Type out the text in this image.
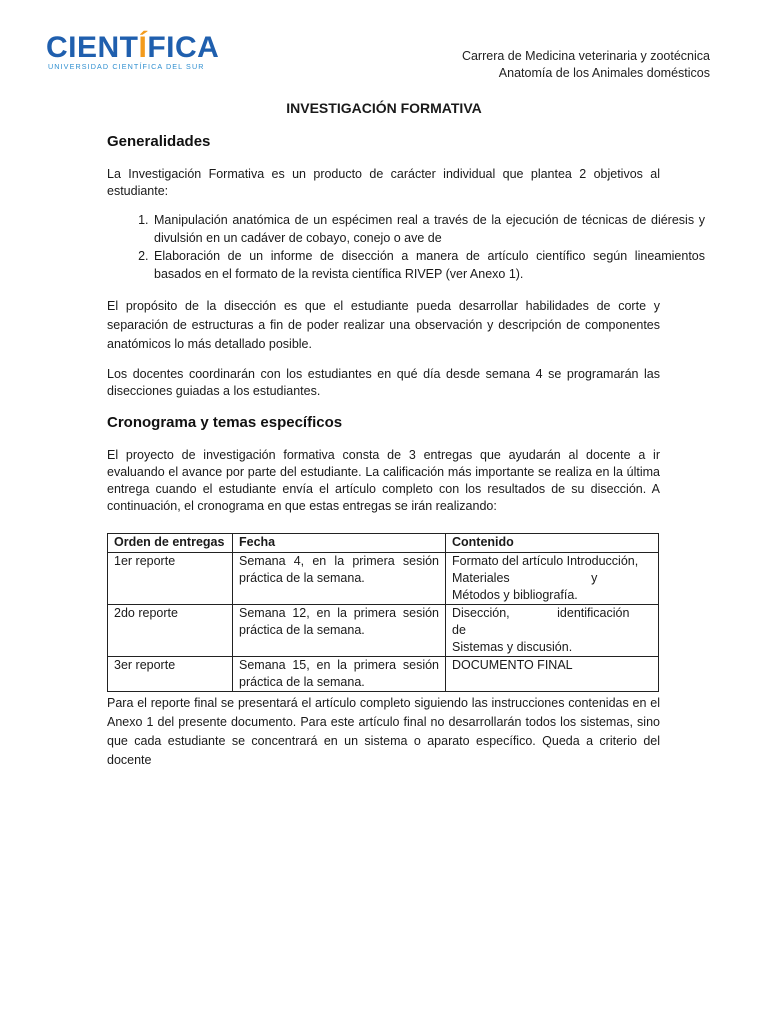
CIENTÍFICA
UNIVERSIDAD CIENTÍFICA DEL SUR
Carrera de Medicina veterinaria y zootécnica
Anatomía de los Animales domésticos
INVESTIGACIÓN FORMATIVA
Generalidades
La Investigación Formativa es un producto de carácter individual que plantea 2 objetivos al estudiante:
1. Manipulación anatómica de un espécimen real a través de la ejecución de técnicas de diéresis y divulsión en un cadáver de cobayo, conejo o ave de
2. Elaboración de un informe de disección a manera de artículo científico según lineamientos basados en el formato de la revista científica RIVEP (ver Anexo 1).
El propósito de la disección es que el estudiante pueda desarrollar habilidades de corte y separación de estructuras a fin de poder realizar una observación y descripción de componentes anatómicos lo más detallado posible.
Los docentes coordinarán con los estudiantes en qué día desde semana 4 se programarán las disecciones guiadas a los estudiantes.
Cronograma y temas específicos
El proyecto de investigación formativa consta de 3 entregas que ayudarán al docente a ir evaluando el avance por parte del estudiante. La calificación más importante se realiza en la última entrega cuando el estudiante envía el artículo completo con los resultados de su disección. A continuación, el cronograma en que estas entregas se irán realizando:
Orden de entregas	Fecha	Contenido
1er reporte	Semana 4, en la primera sesión práctica de la semana.	Formato del artículo Introducción,
Materiales y
Métodos y bibliografía.

2do reporte	Semana 12, en la primera sesión práctica de la semana.	Disección, identificación de
Sistemas y discusión.

3er reporte	Semana 15, en la primera sesión práctica de la semana.	DOCUMENTO FINAL
Para el reporte final se presentará el artículo completo siguiendo las instrucciones contenidas en el Anexo 1 del presente documento. Para este artículo final no desarrollarán todos los sistemas, sino que cada estudiante se concentrará en un sistema o aparato específico. Queda a criterio del docente
